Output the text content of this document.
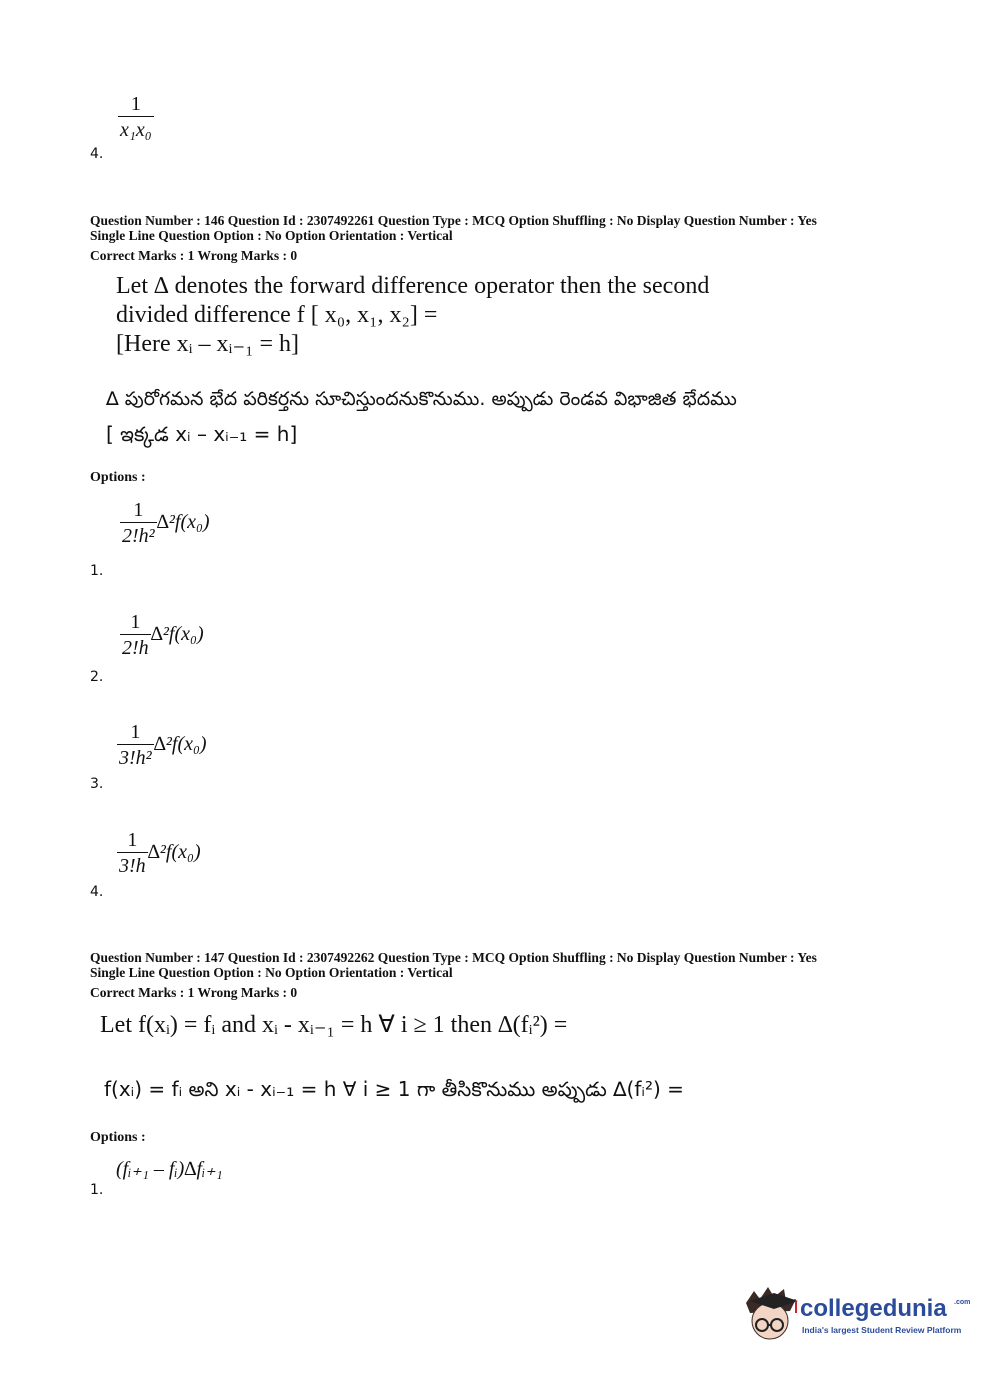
$\frac{1}{\text{x₁x₀}}$
4.
Question Number : 146 Question Id : 2307492261 Question Type : MCQ Option Shuffling : No Display Question Number : Yes
Single Line Question Option : No Option Orientation : Vertical
Correct Marks : 1 Wrong Marks : 0
Let ∆ denotes the forward difference operator then the second
divided difference f [ x₀, x₁, x₂] =
[Here xᵢ – xᵢ₋₁ = h]
∆ పురోగమన భేద పరికర్తను సూచిస్తుందనుకొనుము. అప్పుడు రెండవ విభాజిత భేదము
[ ఇక్కడ xᵢ – xᵢ₋₁ = h]
Options :
$\frac{1}{\text{2!h²}} \Delta^2f(x_0)$
1.
$\frac{1}{2!h} \Delta^2f(x_0)$
2.
$\frac{1}{\text{3!h²}} \Delta^2f(x_0)$
3.
$\frac{1}{3!h} \Delta^2f(x_0)$
4.
Question Number : 147 Question Id : 2307492262 Question Type : MCQ Option Shuffling : No Display Question Number : Yes
Single Line Question Option : No Option Orientation : Vertical
Correct Marks : 1 Wrong Marks : 0
Let f(xᵢ) = fᵢ and xᵢ - xᵢ₋₁ = h ∀ i ≥ 1 then ∆(fᵢ²) =
f(xᵢ) = fᵢ అని xᵢ - xᵢ₋₁ = h ∀ i ≥ 1 గా తీసికొనుము అప్పుడు ∆(fᵢ²) =
Options :
(fᵢ₊₁ – fᵢ)∆fᵢ₊₁
1.
collegedunia .com
India's largest Student Review Platform
